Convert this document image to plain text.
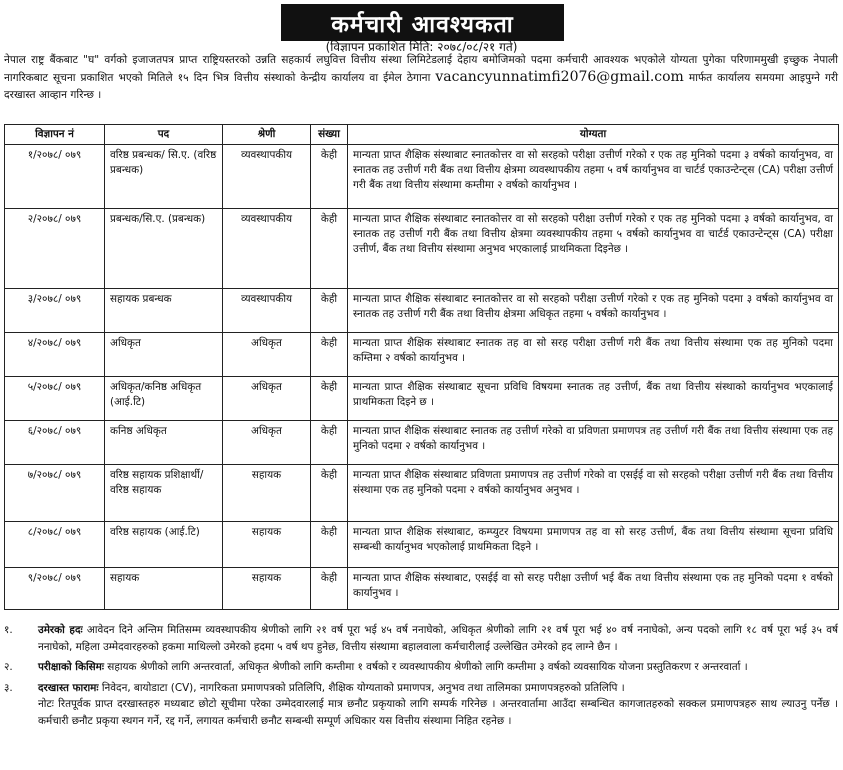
कर्मचारी आवश्यकता
(विज्ञापन प्रकाशित मिति: २०७८/०८/२१ गते)
नेपाल राष्ट्र बैंकबाट "घ" वर्गको इजाजतपत्र प्राप्त राष्ट्रियस्तरको उन्नति सहकार्य लघुवित्त वित्तीय संस्था लिमिटेडलाई देहाय बमोजिमको पदमा कर्मचारी आवश्यक भएकोले योग्यता पुगेका परिणाममुखी इच्छुक नेपाली नागरिकबाट सूचना प्रकाशित भएको मितिले १५ दिन भित्र वित्तीय संस्थाको केन्द्रीय कार्यालय वा ईमेल ठेगाना vacancyunnatimfi2076@gmail.com मार्फत कार्यालय समयमा आइपुग्ने गरी दरखास्त आव्हान गरिन्छ ।
विज्ञापन नं	पद	श्रेणी	संख्या	योग्यता
१/२०७८/ ०७९	वरिष्ठ प्रबन्धक/ सि.ए. (वरिष्ठ प्रबन्धक)	व्यवस्थापकीय	केही	मान्यता प्राप्त शैक्षिक संस्थाबाट स्नातकोत्तर वा सो सरहको परीक्षा उत्तीर्ण गरेको र एक तह मुनिको पदमा ३ वर्षको कार्यानुभव, वा स्नातक तह उत्तीर्ण गरी बैंक तथा वित्तीय क्षेत्रमा व्यवस्थापकीय तहमा ५ वर्ष कार्यानुभव वा चार्टर्ड एकाउन्टेन्ट्स (CA) परीक्षा उत्तीर्ण गरी बैंक तथा वित्तीय संस्थामा कम्तीमा २ वर्षको कार्यानुभव ।
२/२०७८/ ०७९	प्रबन्धक/सि.ए. (प्रबन्धक)	व्यवस्थापकीय	केही	मान्यता प्राप्त शैक्षिक संस्थाबाट स्नातकोत्तर वा सो सरहको परीक्षा उत्तीर्ण गरेको र एक तह मुनिको पदमा ३ वर्षको कार्यानुभव, वा स्नातक तह उत्तीर्ण गरी बैंक तथा वित्तीय क्षेत्रमा व्यवस्थापकीय तहमा ५ वर्षको कार्यानुभव वा चार्टर्ड एकाउन्टेन्ट्स (CA) परीक्षा उत्तीर्ण, बैंक तथा वित्तीय संस्थामा अनुभव भएकालाई प्राथमिकता दिइनेछ ।
३/२०७८/ ०७९	सहायक प्रबन्धक	व्यवस्थापकीय	केही	मान्यता प्राप्त शैक्षिक संस्थाबाट स्नातकोत्तर वा सो सरहको परीक्षा उत्तीर्ण गरेको र एक तह मुनिको पदमा ३ वर्षको कार्यानुभव वा स्नातक तह उत्तीर्ण गरी बैंक तथा वित्तीय क्षेत्रमा अधिकृत तहमा ५ वर्षको कार्यानुभव ।
४/२०७८/ ०७९	अधिकृत	अधिकृत	केही	मान्यता प्राप्त शैक्षिक संस्थाबाट स्नातक तह वा सो सरह परीक्षा उत्तीर्ण गरी बैंक तथा वित्तीय संस्थामा एक तह मुनिको पदमा कम्तिमा २ वर्षको कार्यानुभव ।
५/२०७८/ ०७९	अधिकृत/कनिष्ठ अधिकृत (आई.टि)	अधिकृत	केही	मान्यता प्राप्त शैक्षिक संस्थाबाट सूचना प्रविधि विषयमा स्नातक तह उत्तीर्ण, बैंक तथा वित्तीय संस्थाको कार्यानुभव भएकालाई प्राथमिकता दिइने छ ।
६/२०७८/ ०७९	कनिष्ठ अधिकृत	अधिकृत	केही	मान्यता प्राप्त शैक्षिक संस्थाबाट स्नातक तह उत्तीर्ण गरेको वा प्रविणता प्रमाणपत्र तह उत्तीर्ण गरी बैंक तथा वित्तीय संस्थामा एक तह मुनिको पदमा २ वर्षको कार्यानुभव ।
७/२०७८/ ०७९	वरिष्ठ सहायक प्रशिक्षार्थी/वरिष्ठ सहायक	सहायक	केही	मान्यता प्राप्त शैक्षिक संस्थाबाट प्रविणता प्रमाणपत्र तह उत्तीर्ण गरेको वा एसईई वा सो सरहको परीक्षा उत्तीर्ण गरी बैंक तथा वित्तीय संस्थामा एक तह मुनिको पदमा २ वर्षको कार्यानुभव अनुभव ।
८/२०७८/ ०७९	वरिष्ठ सहायक (आई.टि)	सहायक	केही	मान्यता प्राप्त शैक्षिक संस्थाबाट, कम्प्युटर विषयमा प्रमाणपत्र तह वा सो सरह उत्तीर्ण, बैंक तथा वित्तीय संस्थामा सूचना प्रविधि सम्बन्धी कार्यानुभव भएकोलाई प्राथमिकता दिइने ।
९/२०७८/ ०७९	सहायक	सहायक	केही	मान्यता प्राप्त शैक्षिक संस्थाबाट, एसईई वा सो सरह परीक्षा उत्तीर्ण भई बैंक तथा वित्तीय संस्थामा एक तह मुनिको पदमा १ वर्षको कार्यानुभव ।
१.	उमेरको हदः आवेदन दिने अन्तिम मितिसम्म व्यवस्थापकीय श्रेणीको लागि २१ वर्ष पूरा भई ४५ वर्ष ननाघेको, अधिकृत श्रेणीको लागि २१ वर्ष पूरा भई ४० वर्ष ननाघेको, अन्य पदको लागि १८ वर्ष पूरा भई ३५ वर्ष ननाघेको, महिला उम्मेदवारहरुको हकमा माथिल्लो उमेरको हदमा ५ वर्ष थप हुनेछ, वित्तीय संस्थामा बहालवाला कर्मचारीलाई उल्लेखित उमेरको हद लाग्ने छैन ।
२.	परीक्षाको किसिमः सहायक श्रेणीको लागि अन्तरवार्ता, अधिकृत श्रेणीको लागि कम्तीमा १ वर्षको र व्यवस्थापकीय श्रेणीको लागि कम्तीमा ३ वर्षको व्यवसायिक योजना प्रस्तुतिकरण र अन्तरवार्ता ।
३.	दरखास्त फारामः निवेदन, बायोडाटा (CV), नागरिकता प्रमाणपत्रको प्रतिलिपि, शैक्षिक योग्यताको प्रमाणपत्र, अनुभव तथा तालिमका प्रमाणपत्रहरुको प्रतिलिपि ।
नोटः रितपूर्वक प्राप्त दरखास्तहरु मध्यबाट छोटो सूचीमा परेका उम्मेदवारलाई मात्र छनौट प्रकृयाको लागि सम्पर्क गरिनेछ । अन्तरवार्तामा आउँदा सम्बन्धित कागजातहरुको सक्कल प्रमाणपत्रहरु साथ ल्याउनु पर्नेछ । कर्मचारी छनौट प्रकृया स्थगन गर्ने, रद्द गर्ने, लगायत कर्मचारी छनौट सम्बन्धी सम्पूर्ण अधिकार यस वित्तीय संस्थामा निहित रहनेछ ।
